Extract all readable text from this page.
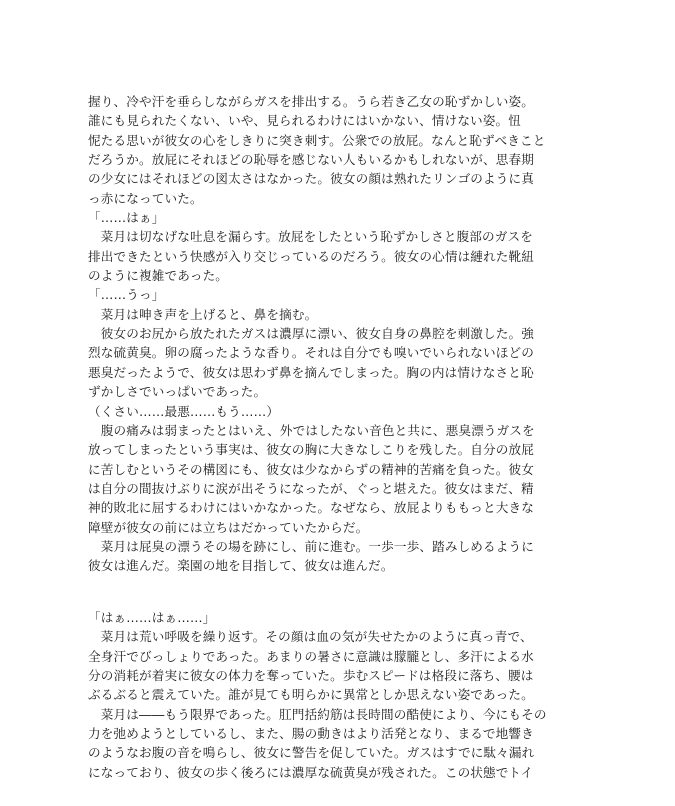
握り、冷や汗を垂らしながらガスを排出する。うら若き乙女の恥ずかしい姿。
誰にも見られたくない、いや、見られるわけにはいかない、情けない姿。忸
怩たる思いが彼女の心をしきりに突き刺す。公衆での放屁。なんと恥ずべきこと
だろうか。放屁にそれほどの恥辱を感じない人もいるかもしれないが、思春期
の少女にはそれほどの図太さはなかった。彼女の顔は熟れたリンゴのように真
っ赤になっていた。
「……はぁ」
　菜月は切なげな吐息を漏らす。放屁をしたという恥ずかしさと腹部のガスを
排出できたという快感が入り交じっているのだろう。彼女の心情は縺れた靴紐
のように複雑であった。
「……うっ」
　菜月は呻き声を上げると、鼻を摘む。
　彼女のお尻から放たれたガスは濃厚に漂い、彼女自身の鼻腔を刺激した。強
烈な硫黄臭。卵の腐ったような香り。それは自分でも嗅いでいられないほどの
悪臭だったようで、彼女は思わず鼻を摘んでしまった。胸の内は情けなさと恥
ずかしさでいっぱいであった。
（くさい……最悪……もう……）
　腹の痛みは弱まったとはいえ、外ではしたない音色と共に、悪臭漂うガスを
放ってしまったという事実は、彼女の胸に大きなしこりを残した。自分の放屁
に苦しむというその構図にも、彼女は少なからずの精神的苦痛を負った。彼女
は自分の間抜けぶりに涙が出そうになったが、ぐっと堪えた。彼女はまだ、精
神的敗北に屈するわけにはいかなかった。なぜなら、放屁よりももっと大きな
障壁が彼女の前には立ちはだかっていたからだ。
　菜月は屁臭の漂うその場を跡にし、前に進む。一歩一歩、踏みしめるように
彼女は進んだ。楽園の地を目指して、彼女は進んだ。
「はぁ……はぁ……」
　菜月は荒い呼吸を繰り返す。その顔は血の気が失せたかのように真っ青で、
全身汗でびっしょりであった。あまりの暑さに意識は朦朧とし、多汗による水
分の消耗が着実に彼女の体力を奪っていた。歩むスピードは格段に落ち、腰は
ぶるぶると震えていた。誰が見ても明らかに異常としか思えない姿であった。
　菜月は――もう限界であった。肛門括約筋は長時間の酷使により、今にもその
力を弛めようとしているし、また、腸の動きはより活発となり、まるで地響き
のようなお腹の音を鳴らし、彼女に警告を促していた。ガスはすでに駄々漏れ
になっており、彼女の歩く後ろには濃厚な硫黄臭が残された。この状態でトイ
